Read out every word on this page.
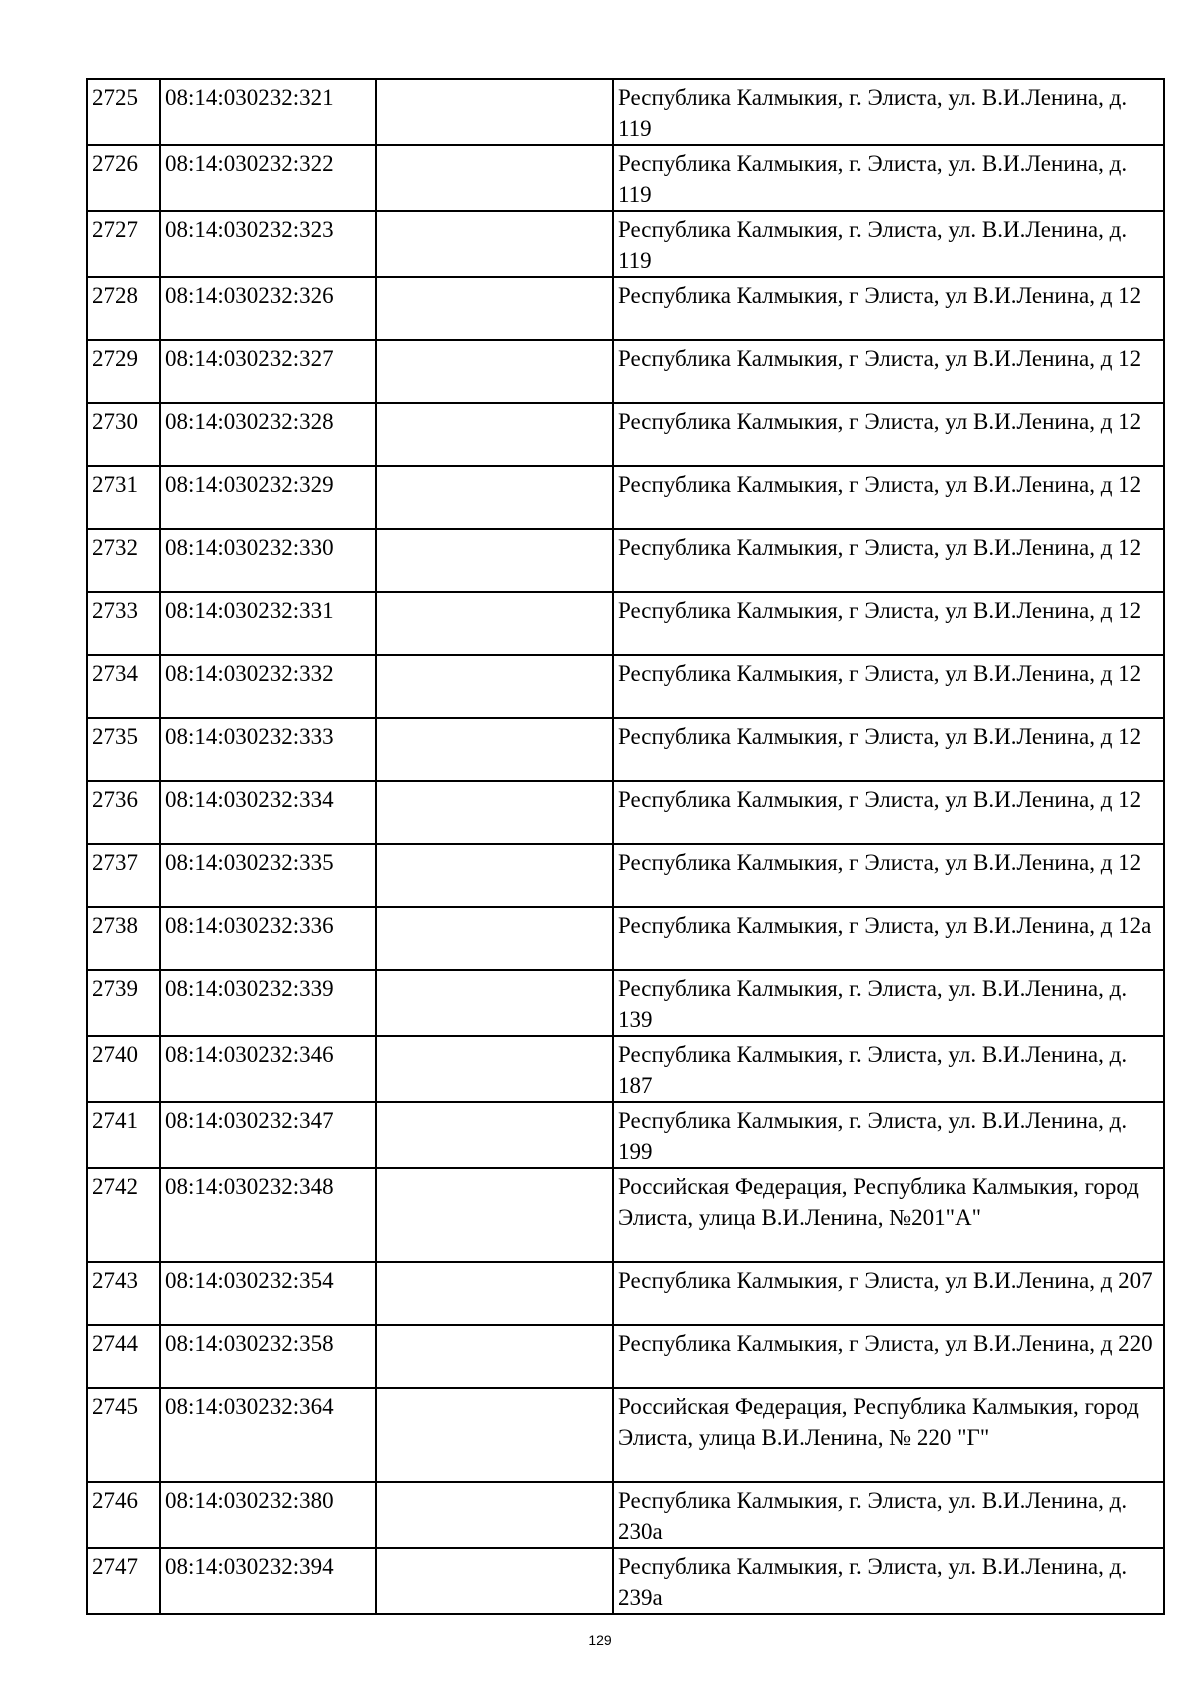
2725	08:14:030232:321		Республика Калмыкия, г. Элиста, ул. В.И.Ленина, д. 119
2726	08:14:030232:322		Республика Калмыкия, г. Элиста, ул. В.И.Ленина, д. 119
2727	08:14:030232:323		Республика Калмыкия, г. Элиста, ул. В.И.Ленина, д. 119
2728	08:14:030232:326		Республика Калмыкия, г Элиста, ул В.И.Ленина, д 12
2729	08:14:030232:327		Республика Калмыкия, г Элиста, ул В.И.Ленина, д 12
2730	08:14:030232:328		Республика Калмыкия, г Элиста, ул В.И.Ленина, д 12
2731	08:14:030232:329		Республика Калмыкия, г Элиста, ул В.И.Ленина, д 12
2732	08:14:030232:330		Республика Калмыкия, г Элиста, ул В.И.Ленина, д 12
2733	08:14:030232:331		Республика Калмыкия, г Элиста, ул В.И.Ленина, д 12
2734	08:14:030232:332		Республика Калмыкия, г Элиста, ул В.И.Ленина, д 12
2735	08:14:030232:333		Республика Калмыкия, г Элиста, ул В.И.Ленина, д 12
2736	08:14:030232:334		Республика Калмыкия, г Элиста, ул В.И.Ленина, д 12
2737	08:14:030232:335		Республика Калмыкия, г Элиста, ул В.И.Ленина, д 12
2738	08:14:030232:336		Республика Калмыкия, г Элиста, ул В.И.Ленина, д 12а
2739	08:14:030232:339		Республика Калмыкия, г. Элиста, ул. В.И.Ленина, д. 139
2740	08:14:030232:346		Республика Калмыкия, г. Элиста, ул. В.И.Ленина, д. 187
2741	08:14:030232:347		Республика Калмыкия, г. Элиста, ул. В.И.Ленина, д. 199
2742	08:14:030232:348		Российская Федерация, Республика Калмыкия, город Элиста, улица В.И.Ленина, №201"А"
2743	08:14:030232:354		Республика Калмыкия, г Элиста, ул В.И.Ленина, д 207
2744	08:14:030232:358		Республика Калмыкия, г Элиста, ул В.И.Ленина, д 220
2745	08:14:030232:364		Российская Федерация, Республика Калмыкия, город Элиста, улица В.И.Ленина, № 220 "Г"
2746	08:14:030232:380		Республика Калмыкия, г. Элиста, ул. В.И.Ленина, д. 230а
2747	08:14:030232:394		Республика Калмыкия, г. Элиста, ул. В.И.Ленина, д. 239а
129
